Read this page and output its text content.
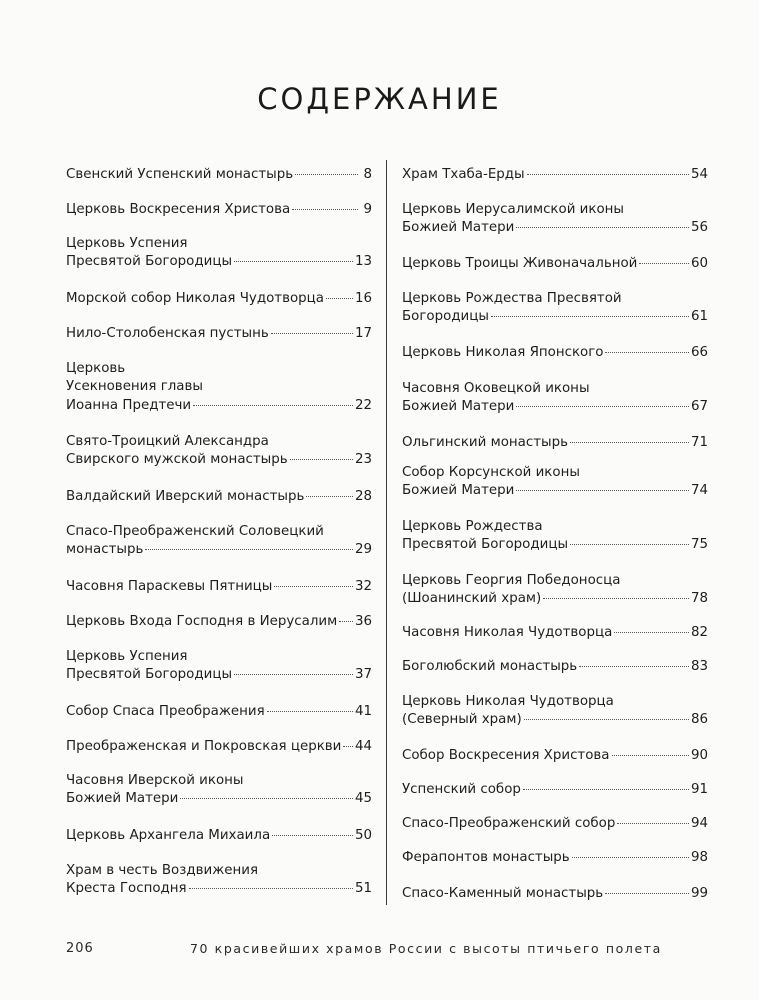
СОДЕРЖАНИЕ
Свенский Успенский монастырь	8
Церковь Воскресения Христова	9
Церковь Успения
Пресвятой Богородицы	13
Морской собор Николая Чудотворца 16
Нило-Столобенская пустынь	17
Церковь
Усекновения главы
Иоанна Предтечи	22
Свято-Троицкий Александра
Свирского мужской монастырь	23
Валдайский Иверский монастырь	28
Спасо-Преображенский Соловецкий
монастырь	29
Часовня Параскевы Пятницы	32
Церковь Входа Господня в Иерусалим 36
Церковь Успения
Пресвятой Богородицы	37
Собор Спаса Преображения	41
Преображенская и Покровская церкви 44
Часовня Иверской иконы
Божией Матери	45
Церковь Архангела Михаила	50
Храм в честь Воздвижения
Креста Господня	51
Храм Тхаба-Ерды	54
Церковь Иерусалимской иконы
Божией Матери	56
Церковь Троицы Живоначальной	60
Церковь Рождества Пресвятой
Богородицы	61
Церковь Николая Японского	66
Часовня Оковецкой иконы
Божией Матери	67
Ольгинский монастырь	71
Собор Корсунской иконы
Божией Матери	74
Церковь Рождества
Пресвятой Богородицы	75
Церковь Георгия Победоносца
(Шоанинский храм)	78
Часовня Николая Чудотворца	82
Боголюбский монастырь	83
Церковь Николая Чудотворца
(Северный храм)	86
Собор Воскресения Христова	90
Успенский собор	91
Спасо-Преображенский собор	94
Ферапонтов монастырь	98
Спасо-Каменный монастырь	99
206	70 красивейших храмов России с высоты птичьего полета
